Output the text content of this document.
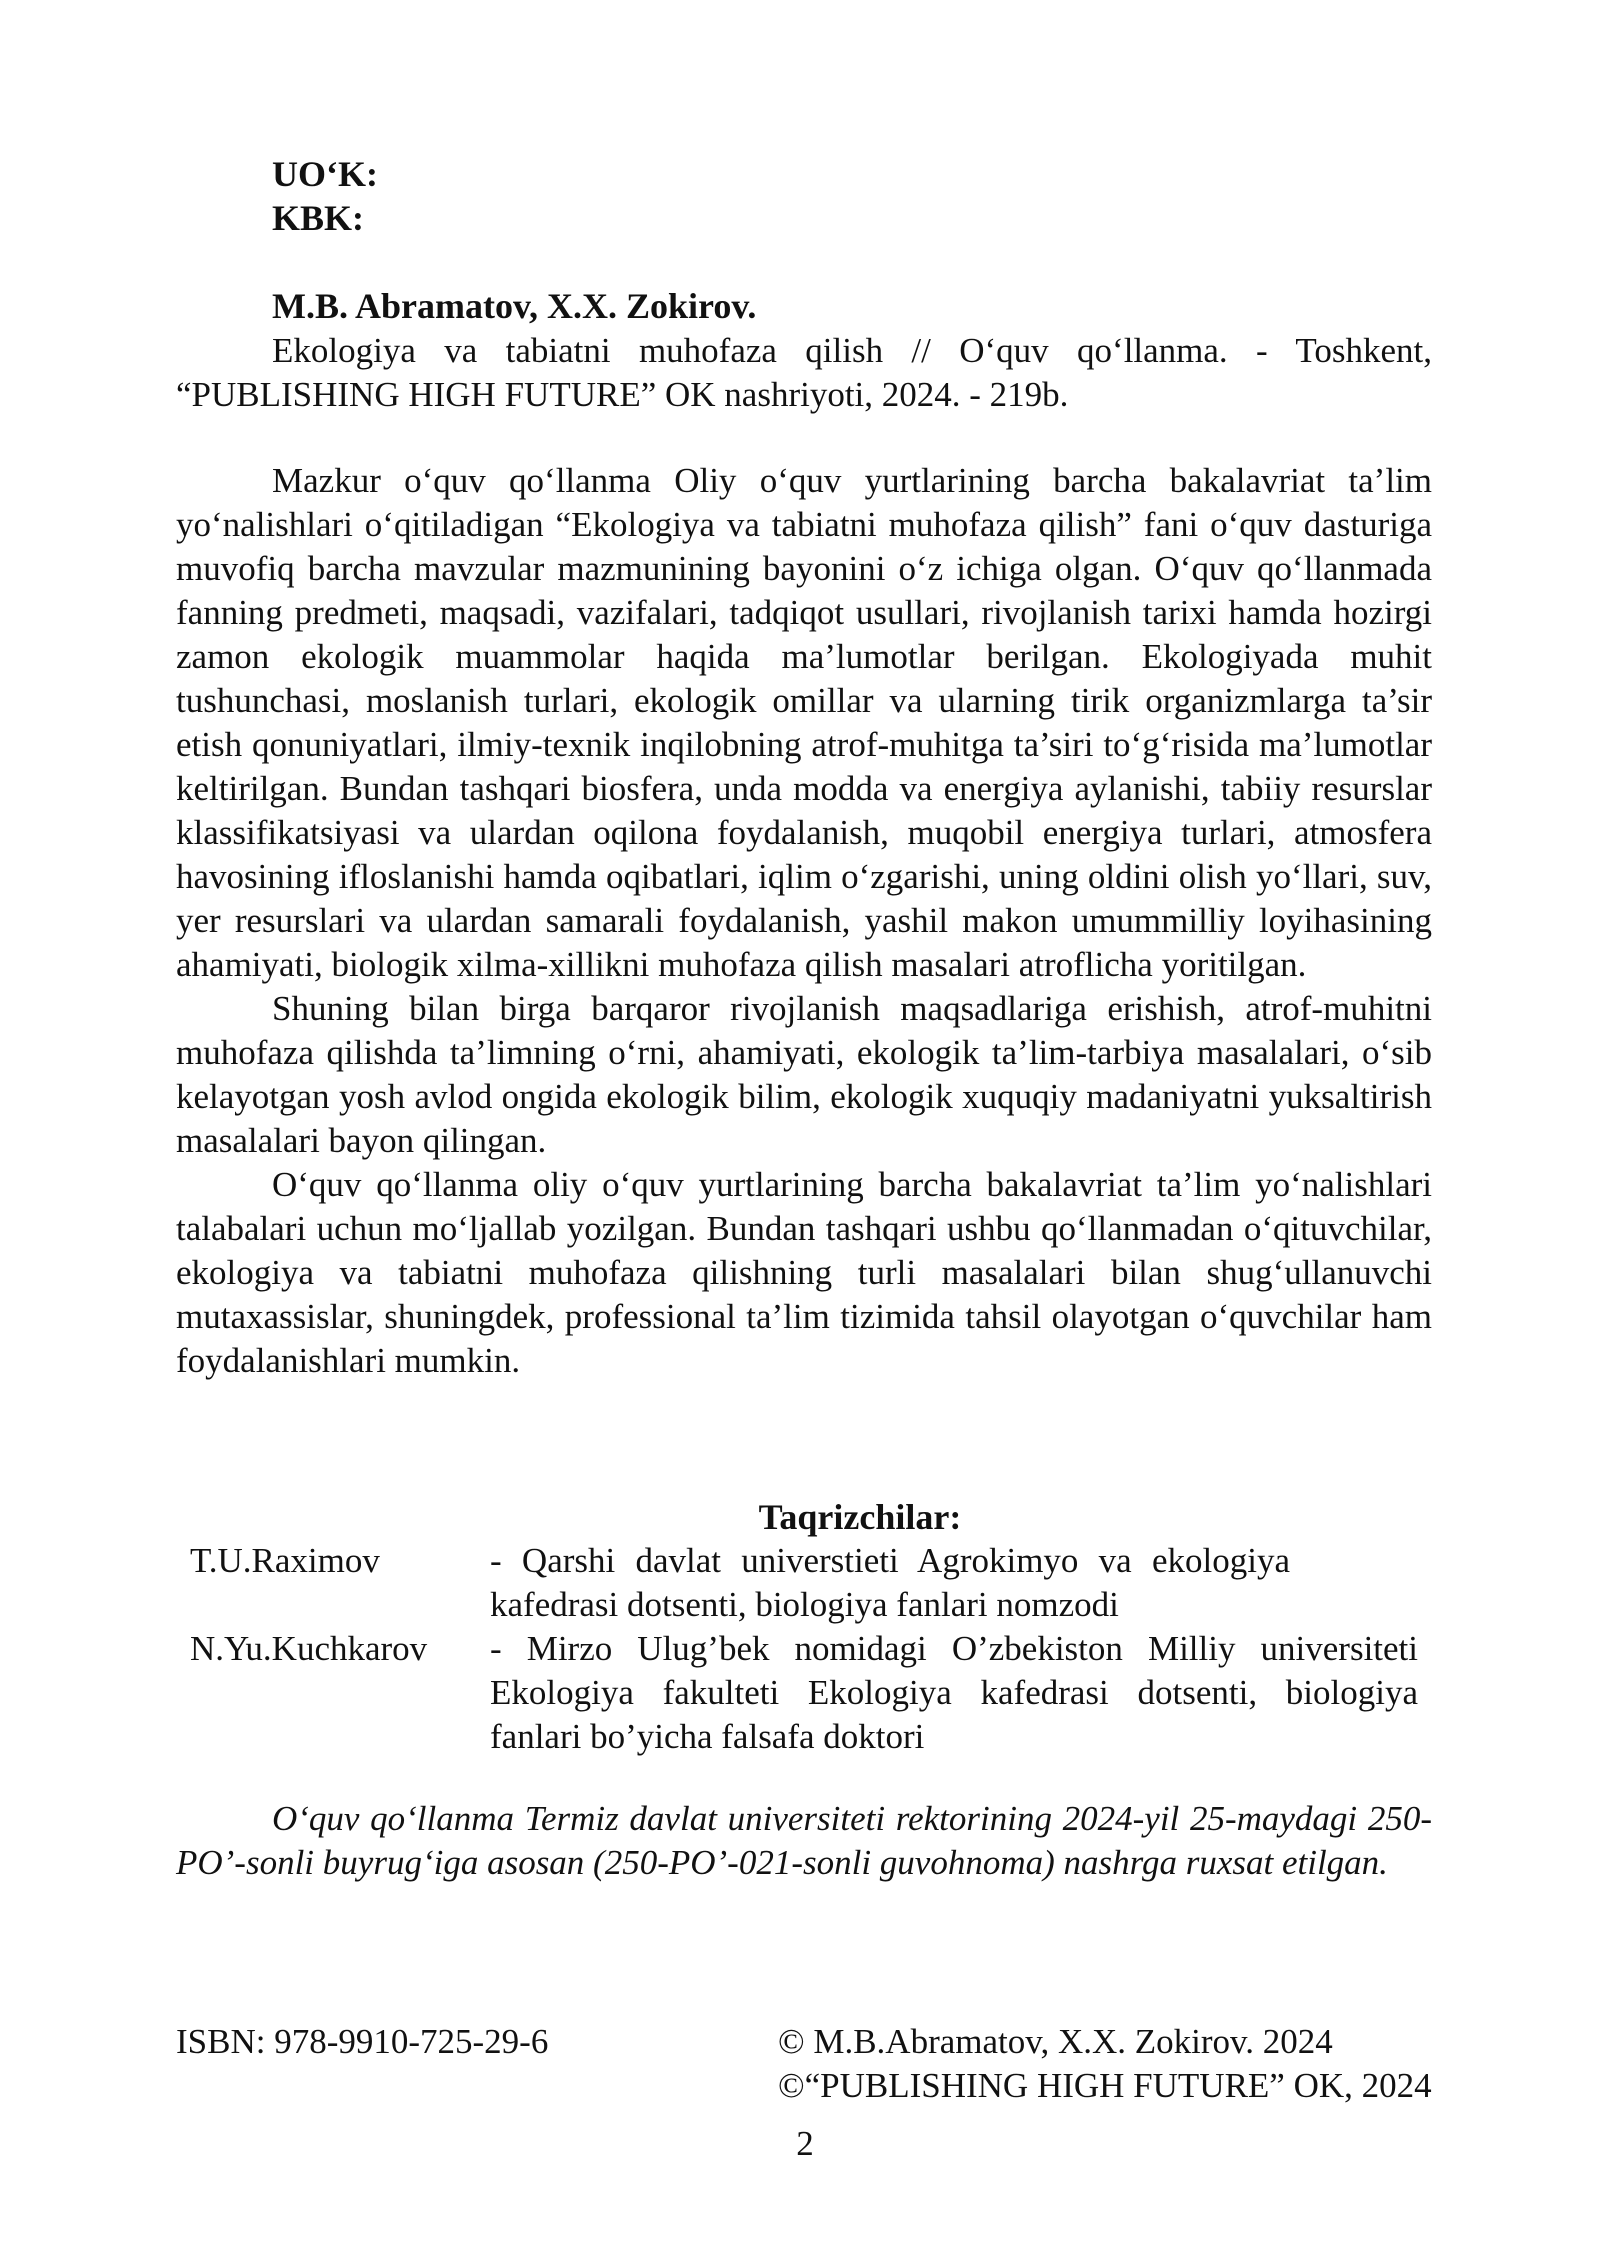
UO‘K:
KBK:
M.B. Abramatov, X.X. Zokirov.

Ekologiya va tabiatni muhofaza qilish // O‘quv qo‘llanma. - Toshkent, “PUBLISHING HIGH FUTURE” OK nashriyoti, 2024. - 219b.

Mazkur o‘quv qo‘llanma Oliy o‘quv yurtlarining barcha bakalavriat ta’lim yo‘nalishlari o‘qitiladigan “Ekologiya va tabiatni muhofaza qilish” fani o‘quv dasturiga muvofiq barcha mavzular mazmunining bayonini o‘z ichiga olgan. O‘quv qo‘llanmada fanning predmeti, maqsadi, vazifalari, tadqiqot usullari, rivojlanish tarixi hamda hozirgi zamon ekologik muammolar haqida ma’lumotlar berilgan. Ekologiyada muhit tushunchasi, moslanish turlari, ekologik omillar va ularning tirik organizmlarga ta’sir etish qonuniyatlari, ilmiy-texnik inqilobning atrof-muhitga ta’siri to‘g‘risida ma’lumotlar keltirilgan. Bundan tashqari biosfera, unda modda va energiya aylanishi, tabiiy resurslar klassifikatsiyasi va ulardan oqilona foydalanish, muqobil energiya turlari, atmosfera havosining ifloslanishi hamda oqibatlari, iqlim o‘zgarishi, uning oldini olish yo‘llari, suv, yer resurslari va ulardan samarali foydalanish, yashil makon umummilliy loyihasining ahamiyati, biologik xilma-xillikni muhofaza qilish masalari atroflicha yoritilgan.

Shuning bilan birga barqaror rivojlanish maqsadlariga erishish, atrof-muhitni muhofaza qilishda ta’limning o‘rni, ahamiyati, ekologik ta’lim-tarbiya masalalari, o‘sib kelayotgan yosh avlod ongida ekologik bilim, ekologik xuquqiy madaniyatni yuksaltirish masalalari bayon qilingan.

O‘quv qo‘llanma oliy o‘quv yurtlarining barcha bakalavriat ta’lim yo‘nalishlari talabalari uchun mo‘ljallab yozilgan. Bundan tashqari ushbu qo‘llanmadan o‘qituvchilar, ekologiya va tabiatni muhofaza qilishning turli masalalari bilan shug‘ullanuvchi mutaxassislar, shuningdek, professional ta’lim tizimida tahsil olayotgan o‘quvchilar ham foydalanishlari mumkin.

Taqrizchilar:
T.U.Raximov	- Qarshi davlat universtieti Agrokimyo va ekologiya kafedrasi dotsenti, biologiya fanlari nomzodi
N.Yu.Kuchkarov	- Mirzo Ulug’bek nomidagi O’zbekiston Milliy universiteti Ekologiya fakulteti Ekologiya kafedrasi dotsenti, biologiya fanlari bo’yicha falsafa doktori

O‘quv qo‘llanma Termiz davlat universiteti rektorining 2024-yil 25-maydagi 250-PO’-sonli buyrug‘iga asosan (250-PO’-021-sonli guvohnoma) nashrga ruxsat etilgan.

ISBN: 978-9910-725-29-6	© M.B.Abramatov, X.X. Zokirov. 2024
©“PUBLISHING HIGH FUTURE” OK, 2024
2
